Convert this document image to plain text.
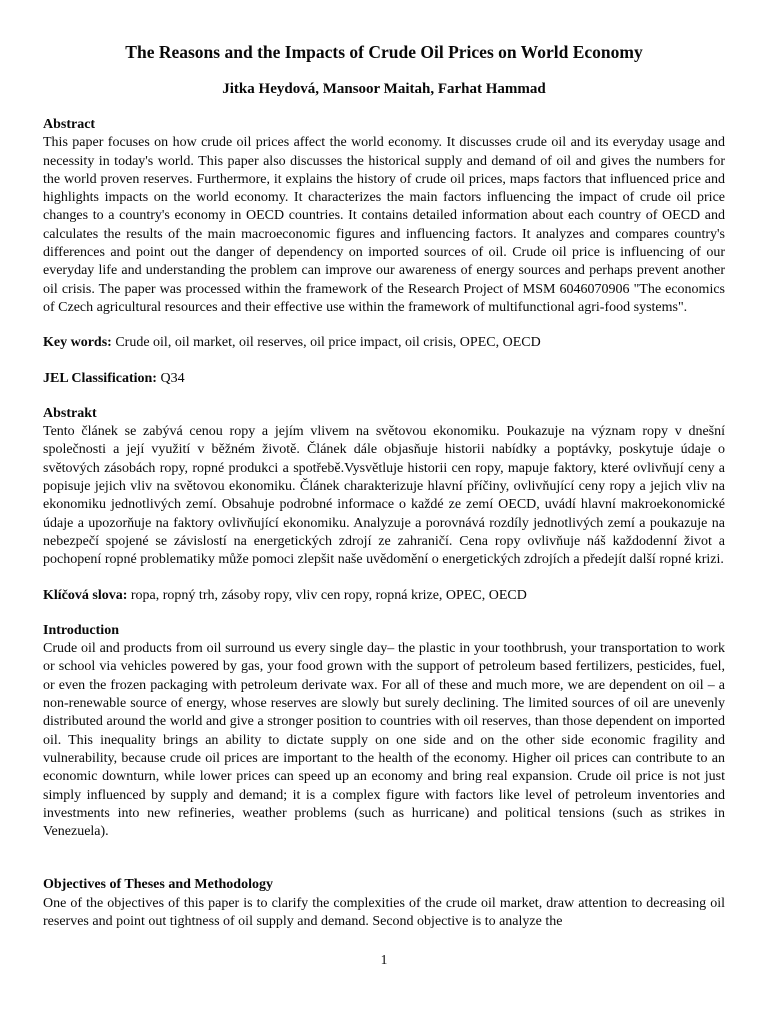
The Reasons and the Impacts of Crude Oil Prices on World Economy

Jitka Heydová, Mansoor Maitah, Farhat Hammad

Abstract

This paper focuses on how crude oil prices affect the world economy. It discusses crude oil and its everyday usage and necessity in today's world. This paper also discusses the historical supply and demand of oil and gives the numbers for the world proven reserves. Furthermore, it explains the history of crude oil prices, maps factors that influenced price and highlights impacts on the world economy. It characterizes the main factors influencing the impact of crude oil price changes to a country's economy in OECD countries. It contains detailed information about each country of OECD and calculates the results of the main macroeconomic figures and influencing factors. It analyzes and compares country's differences and point out the danger of dependency on imported sources of oil. Crude oil price is influencing of our everyday life and understanding the problem can improve our awareness of energy sources and perhaps prevent another oil crisis. The paper was processed within the framework of the Research Project of MSM 6046070906 "The economics of Czech agricultural resources and their effective use within the framework of multifunctional agri-food systems".

Key words: Crude oil, oil market, oil reserves, oil price impact, oil crisis, OPEC, OECD

JEL Classification: Q34

Abstrakt

Tento článek se zabývá cenou ropy a jejím vlivem na světovou ekonomiku. Poukazuje na význam ropy v dnešní společnosti a její využití v běžném životě. Článek dále objasňuje historii nabídky a poptávky, poskytuje údaje o světových zásobách ropy, ropné produkci a spotřebě.Vysvětluje historii cen ropy, mapuje faktory, které ovlivňují ceny a popisuje jejich vliv na světovou ekonomiku. Článek charakterizuje hlavní příčiny, ovlivňující ceny ropy a jejich vliv na ekonomiku jednotlivých zemí. Obsahuje podrobné informace o každé ze zemí OECD, uvádí hlavní makroekonomické údaje a upozorňuje na faktory ovlivňující ekonomiku. Analyzuje a porovnává rozdíly jednotlivých zemí a poukazuje na nebezpečí spojené se závislostí na energetických zdrojí ze zahraničí. Cena ropy ovlivňuje náš každodenní život a pochopení ropné problematiky může pomoci zlepšit naše uvědomění o energetických zdrojích a předejít další ropné krizi.

Klíčová slova: ropa, ropný trh, zásoby ropy, vliv cen ropy, ropná krize, OPEC, OECD

Introduction

Crude oil and products from oil surround us every single day– the plastic in your toothbrush, your transportation to work or school via vehicles powered by gas, your food grown with the support of petroleum based fertilizers, pesticides, fuel, or even the frozen packaging with petroleum derivate wax. For all of these and much more, we are dependent on oil – a non-renewable source of energy, whose reserves are slowly but surely declining. The limited sources of oil are unevenly distributed around the world and give a stronger position to countries with oil reserves, than those dependent on imported oil. This inequality brings an ability to dictate supply on one side and on the other side economic fragility and vulnerability, because crude oil prices are important to the health of the economy. Higher oil prices can contribute to an economic downturn, while lower prices can speed up an economy and bring real expansion. Crude oil price is not just simply influenced by supply and demand; it is a complex figure with factors like level of petroleum inventories and investments into new refineries, weather problems (such as hurricane) and political tensions (such as strikes in Venezuela).

Objectives of Theses and Methodology

One of the objectives of this paper is to clarify the complexities of the crude oil market, draw attention to decreasing oil reserves and point out tightness of oil supply and demand. Second objective is to analyze the

1
